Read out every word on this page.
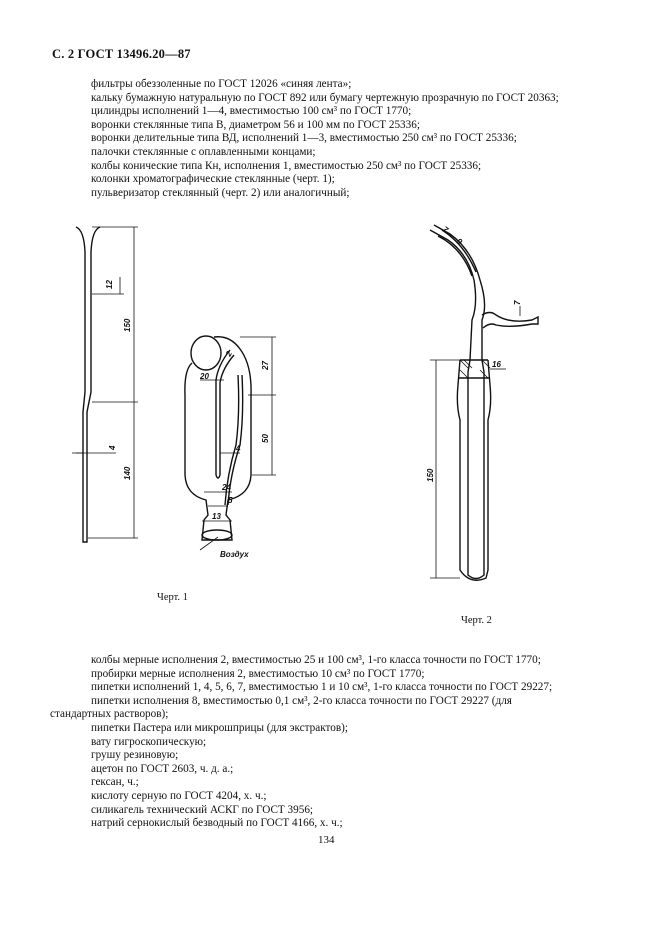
С. 2 ГОСТ 13496.20—87
фильтры обеззоленные по ГОСТ 12026 «синяя лента»;
кальку бумажную натуральную по ГОСТ 892 или бумагу чертежную прозрачную по ГОСТ 20363;
цилиндры исполнений 1—4, вместимостью 100 см³ по ГОСТ 1770;
воронки стеклянные типа В, диаметром 56 и 100 мм по ГОСТ 25336;
воронки делительные типа ВД, исполнений 1—3, вместимостью 250 см³ по ГОСТ 25336;
палочки стеклянные с оплавленными концами;
колбы конические типа Кн, исполнения 1, вместимостью 250 см³ по ГОСТ 25336;
колонки хроматографические стеклянные (черт. 1);
пульверизатор стеклянный (черт. 2) или аналогичный;
12
150
4
140
20
2
27
50
4
24
5
13
Воздух
Черт. 1
7
9
7
16
150
Черт. 2
колбы мерные исполнения 2, вместимостью 25 и 100 см³, 1-го класса точности по ГОСТ 1770;
пробирки мерные исполнения 2, вместимостью 10 см³ по ГОСТ 1770;
пипетки исполнений 1, 4, 5, 6, 7, вместимостью 1 и 10 см³, 1-го класса точности по ГОСТ 29227;
пипетки исполнения 8, вместимостью 0,1 см³, 2-го класса точности по ГОСТ 29227 (для
стандартных растворов);
пипетки Пастера или микрошприцы (для экстрактов);
вату гигроскопическую;
грушу резиновую;
ацетон по ГОСТ 2603, ч. д. а.;
гексан, ч.;
кислоту серную по ГОСТ 4204, х. ч.;
силикагель технический АСКГ по ГОСТ 3956;
натрий сернокислый безводный по ГОСТ 4166, х. ч.;
134
